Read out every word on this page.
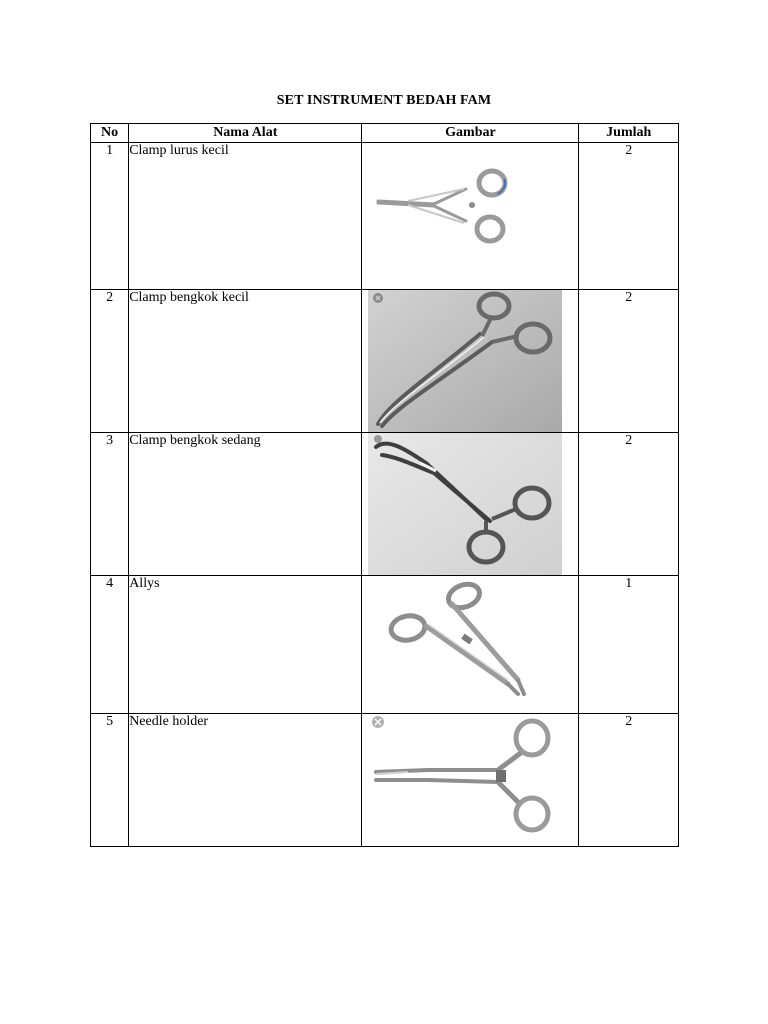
SET INSTRUMENT BEDAH FAM
No	Nama Alat	Gambar	Jumlah
1	Clamp lurus kecil		2
2	Clamp bengkok kecil		2
3	Clamp bengkok sedang		2
4	Allys		1
5	Needle holder		2
